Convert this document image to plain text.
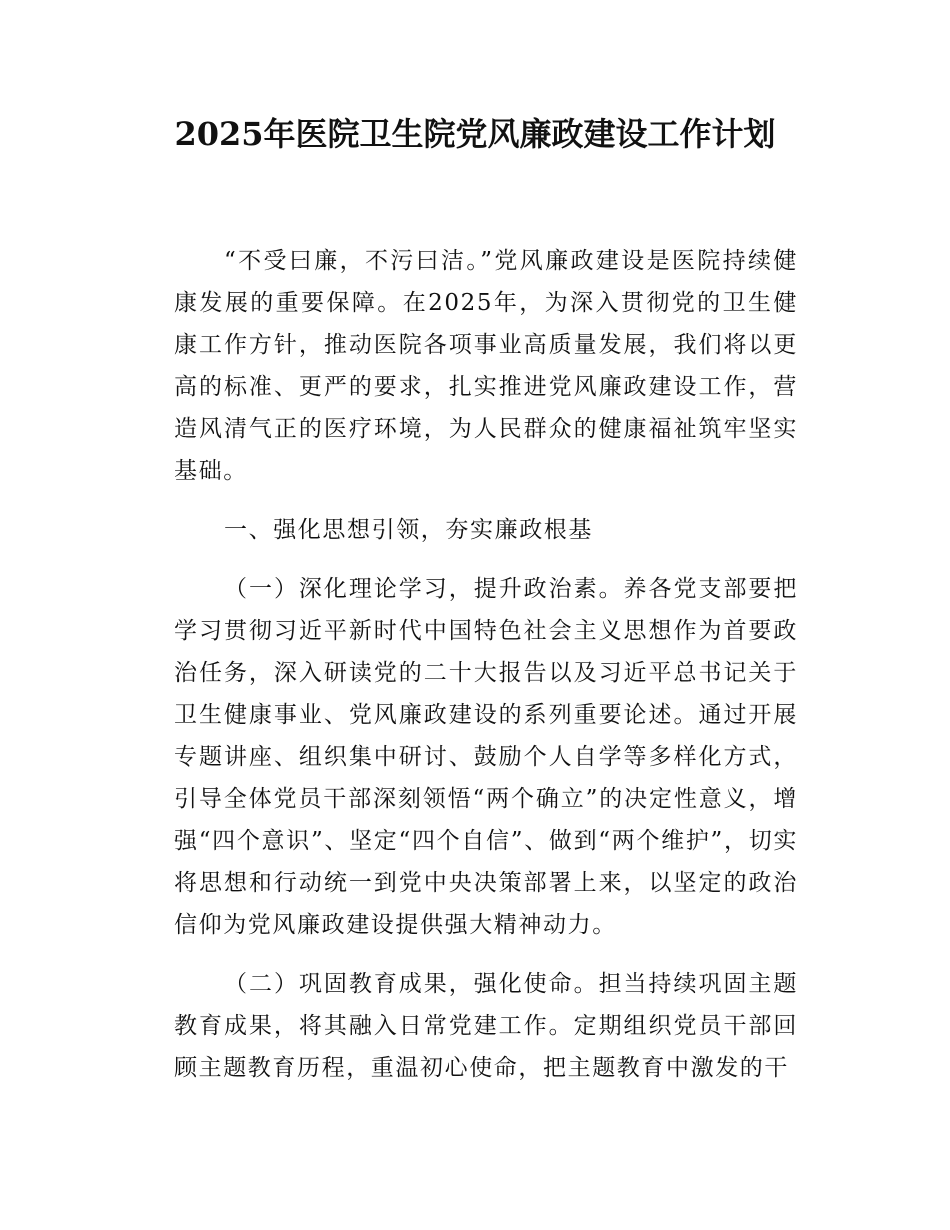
2025年医院卫生院党风廉政建设工作计划

“不受曰廉，不污曰洁。”党风廉政建设是医院持续健康发展的重要保障。在2025年，为深入贯彻党的卫生健康工作方针，推动医院各项事业高质量发展，我们将以更高的标准、更严的要求，扎实推进党风廉政建设工作，营造风清气正的医疗环境，为人民群众的健康福祉筑牢坚实基础。

一、强化思想引领，夯实廉政根基

（一）深化理论学习，提升政治素。养各党支部要把学习贯彻习近平新时代中国特色社会主义思想作为首要政治任务，深入研读党的二十大报告以及习近平总书记关于卫生健康事业、党风廉政建设的系列重要论述。通过开展专题讲座、组织集中研讨、鼓励个人自学等多样化方式，引导全体党员干部深刻领悟“两个确立”的决定性意义，增强“四个意识”、坚定“四个自信”、做到“两个维护”，切实将思想和行动统一到党中央决策部署上来，以坚定的政治信仰为党风廉政建设提供强大精神动力。

（二）巩固教育成果，强化使命。担当持续巩固主题教育成果，将其融入日常党建工作。定期组织党员干部回顾主题教育历程，重温初心使命，把主题教育中激发的干
